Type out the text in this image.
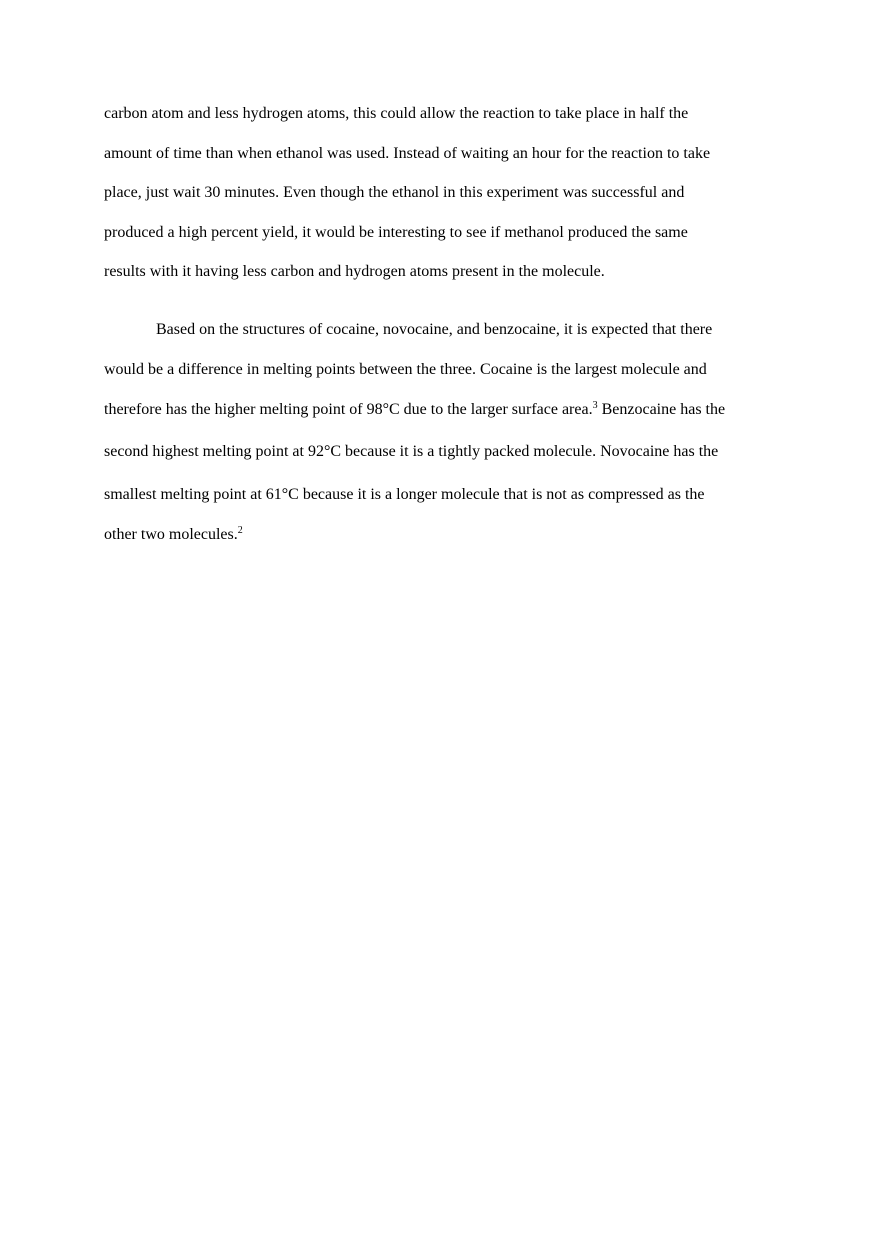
carbon atom and less hydrogen atoms, this could allow the reaction to take place in half the
amount of time than when ethanol was used. Instead of waiting an hour for the reaction to take
place, just wait 30 minutes. Even though the ethanol in this experiment was successful and
produced a high percent yield, it would be interesting to see if methanol produced the same
results with it having less carbon and hydrogen atoms present in the molecule.
Based on the structures of cocaine, novocaine, and benzocaine, it is expected that there
would be a difference in melting points between the three. Cocaine is the largest molecule and
therefore has the higher melting point of 98°C due to the larger surface area.$^3$ Benzocaine has the
second highest melting point at 92°C because it is a tightly packed molecule. Novocaine has the
smallest melting point at 61°C because it is a longer molecule that is not as compressed as the
other two molecules.$^2$
